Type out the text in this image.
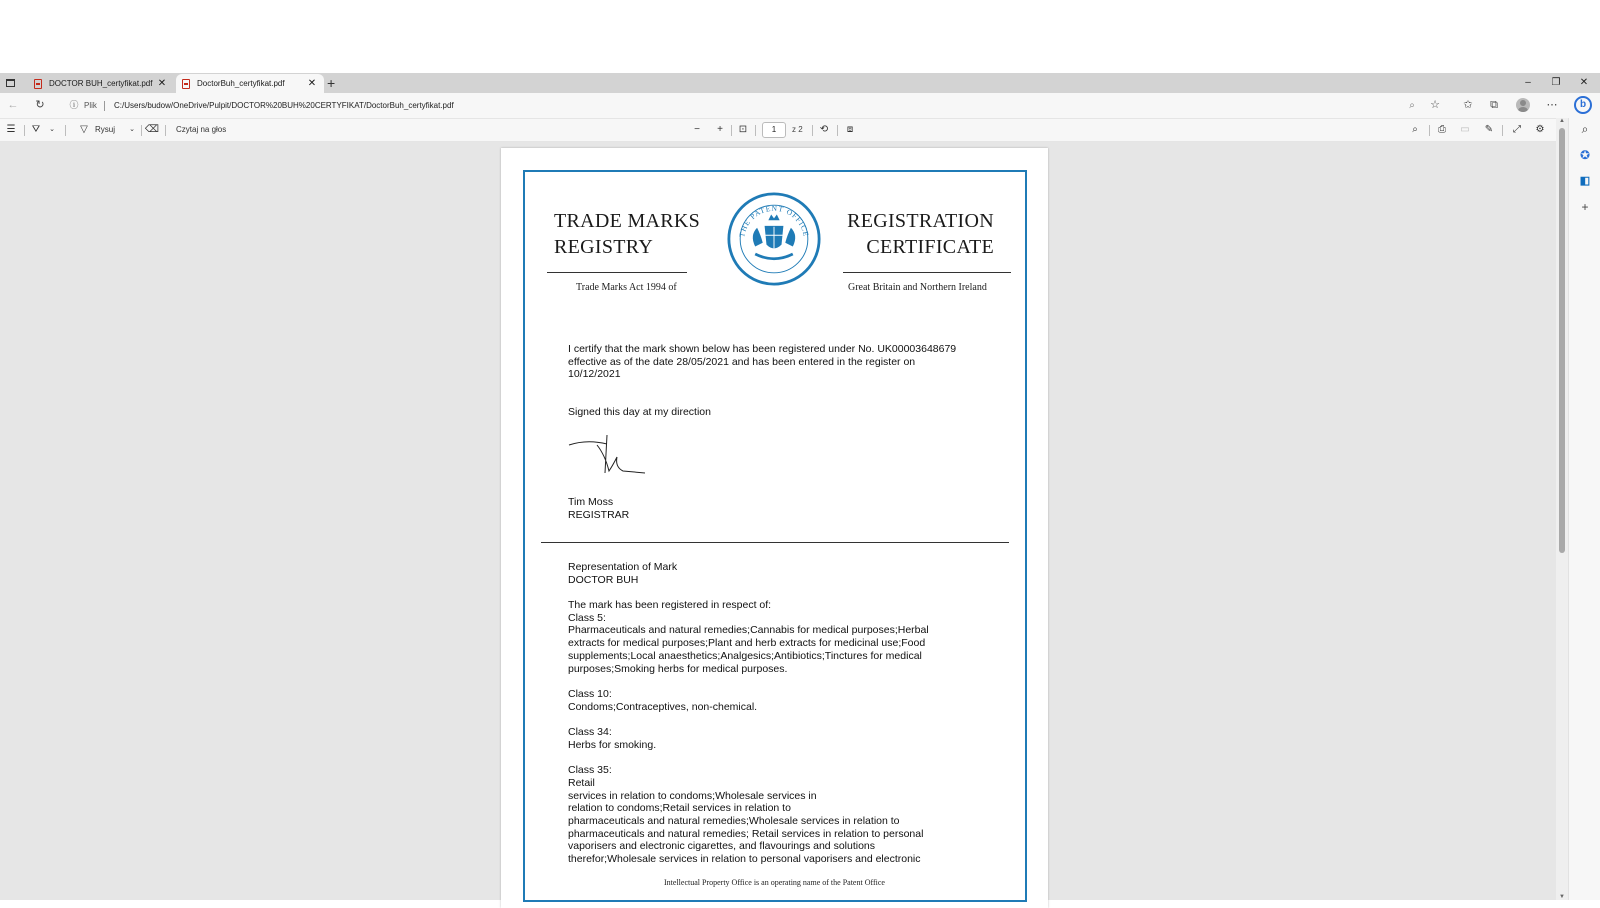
DOCTOR BUH_certyfikat.pdf ✕	DoctorBuh_certyfikat.pdf	✕ +	–	❐	✕
←	↻	ⓘ Plik C:/Users/budow/OneDrive/Pulpit/DOCTOR%20BUH%20CERTYFIKAT/DoctorBuh_certyfikat.pdf	⌕	☆	✩	⧉	⋯	b
☰	⛛	⌄	▽ Rysuj	⌄ ⌫ Czytaj na głos	−	+	⊡	1	z 2	⟲	⧈	⌕	⎙	▭	✎	⤢	⚙
TRADE MARKS
REGISTRY
REGISTRATION
CERTIFICATE
THE PATENT OFFICE
Trade Marks Act 1994 of	Great Britain and Northern Ireland
I certify that the mark shown below has been registered under No. UK00003648679
effective as of the date 28/05/2021 and has been entered in the register on
10/12/2021
Signed this day at my direction
Tim Moss
REGISTRAR
Representation of Mark
DOCTOR BUH
The mark has been registered in respect of:
Class 5:
Pharmaceuticals and natural remedies;Cannabis for medical purposes;Herbal
extracts for medical purposes;Plant and herb extracts for medicinal use;Food
supplements;Local anaesthetics;Analgesics;Antibiotics;Tinctures for medical
purposes;Smoking herbs for medical purposes.

Class 10:
Condoms;Contraceptives, non-chemical.

Class 34:
Herbs for smoking.

Class 35:
Retail
services in relation to condoms;Wholesale services in
relation to condoms;Retail services in relation to
pharmaceuticals and natural remedies;Wholesale services in relation to
pharmaceuticals and natural remedies; Retail services in relation to personal
vaporisers and electronic cigarettes, and flavourings and solutions
therefor;Wholesale services in relation to personal vaporisers and electronic
Intellectual Property Office is an operating name of the Patent Office
▲
▼
⌕
✪
◧
+
